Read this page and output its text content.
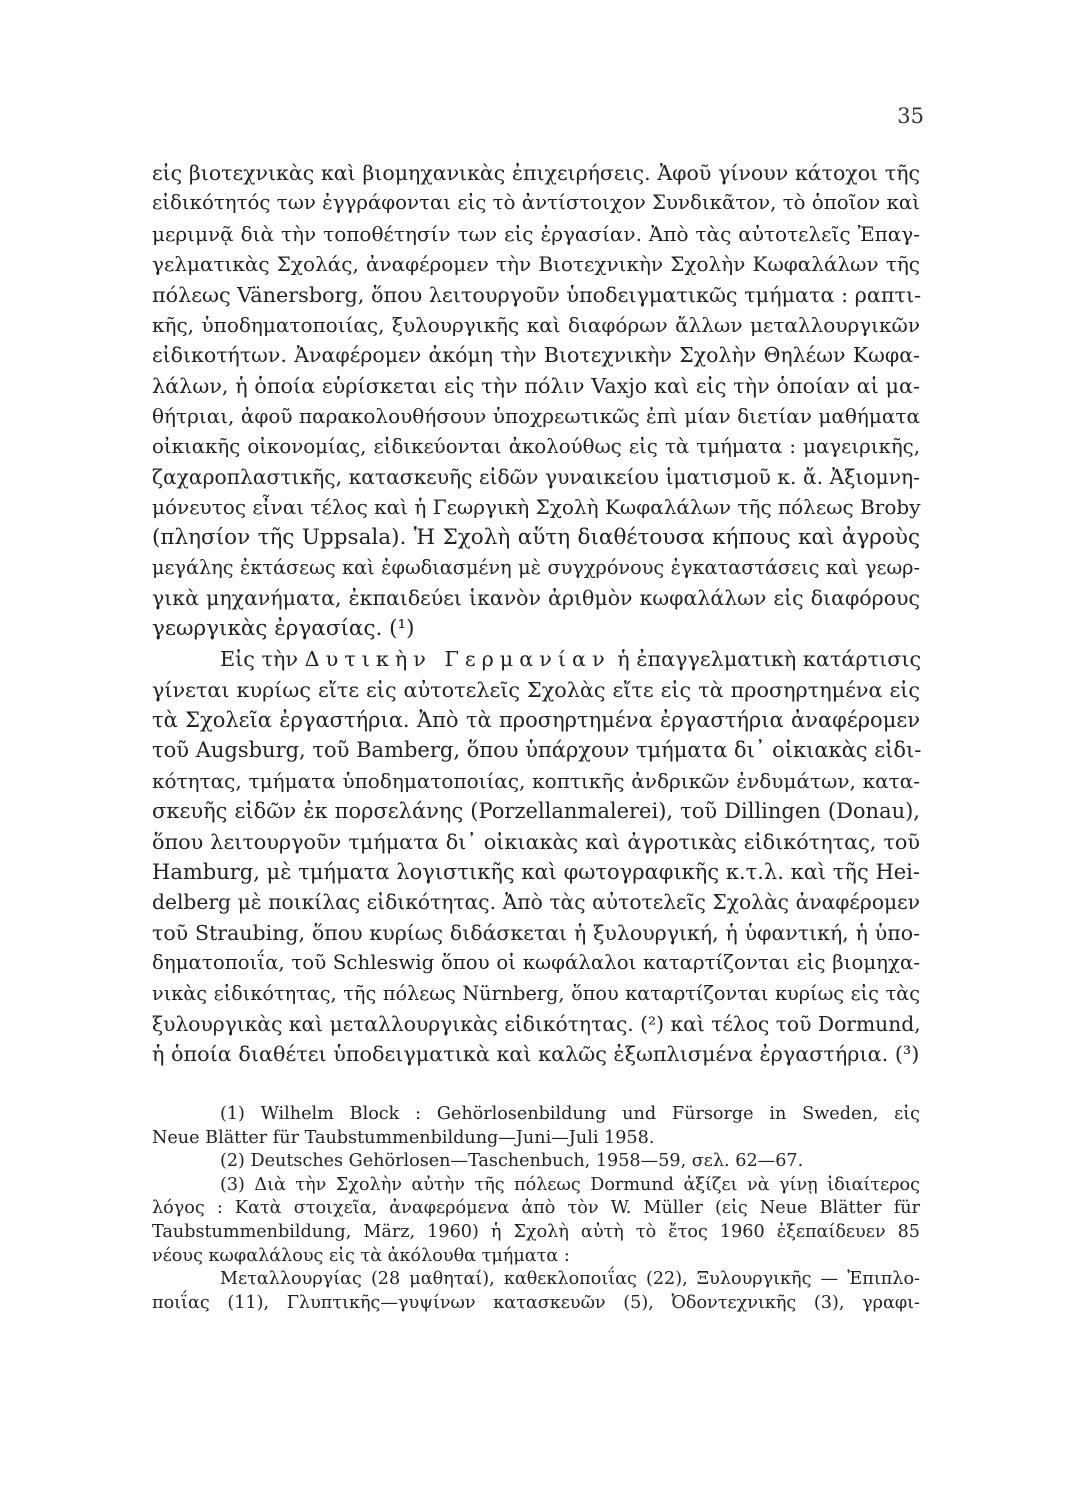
35
εἰς βιοτεχνικὰς καὶ βιομηχανικὰς ἐπιχειρήσεις. Ἀφοῦ γίνουν κάτοχοι τῆς
εἰδικότητός των ἐγγράφονται εἰς τὸ ἀντίστοιχον Συνδικᾶτον, τὸ ὁποῖον καὶ
μεριμνᾷ διὰ τὴν τοποθέτησίν των εἰς ἐργασίαν. Ἀπὸ τὰς αὐτοτελεῖς Ἐπαγ-
γελματικὰς Σχολάς, ἀναφέρομεν τὴν Βιοτεχνικὴν Σχολὴν Κωφαλάλων τῆς
πόλεως Vänersborg, ὅπου λειτουργοῦν ὑποδειγματικῶς τμήματα : ραπτι-
κῆς, ὑποδηματοποιίας, ξυλουργικῆς καὶ διαφόρων ἄλλων μεταλλουργικῶν
εἰδικοτήτων. Ἀναφέρομεν ἀκόμη τὴν Βιοτεχνικὴν Σχολὴν Θηλέων Κωφα-
λάλων, ἡ ὁποία εὑρίσκεται εἰς τὴν πόλιν Vaxjo καὶ εἰς τὴν ὁποίαν αἱ μα-
θήτριαι, ἀφοῦ παρακολουθήσουν ὑποχρεωτικῶς ἐπὶ μίαν διετίαν μαθήματα
οἰκιακῆς οἰκονομίας, εἰδικεύονται ἀκολούθως εἰς τὰ τμήματα : μαγειρικῆς,
ζαχαροπλαστικῆς, κατασκευῆς εἰδῶν γυναικείου ἱματισμοῦ κ. ἄ. Ἀξιομνη-
μόνευτος εἶναι τέλος καὶ ἡ Γεωργικὴ Σχολὴ Κωφαλάλων τῆς πόλεως Broby
(πλησίον τῆς Uppsala). Ἡ Σχολὴ αὕτη διαθέτουσα κήπους καὶ ἀγροὺς
μεγάλης ἐκτάσεως καὶ ἐφωδιασμένη μὲ συγχρόνους ἐγκαταστάσεις καὶ γεωρ-
γικὰ μηχανήματα, ἐκπαιδεύει ἱκανὸν ἀριθμὸν κωφαλάλων εἰς διαφόρους
γεωργικὰς ἐργασίας. (¹)
Εἰς τὴν Δυτικὴν Γερμανίαν ἡ ἐπαγγελματικὴ κατάρτισις
γίνεται κυρίως εἴτε εἰς αὐτοτελεῖς Σχολὰς εἴτε εἰς τὰ προσηρτημένα εἰς
τὰ Σχολεῖα ἐργαστήρια. Ἀπὸ τὰ προσηρτημένα ἐργαστήρια ἀναφέρομεν
τοῦ Augsburg, τοῦ Bamberg, ὅπου ὑπάρχουν τμήματα δι᾿ οἰκιακὰς εἰδι-
κότητας, τμήματα ὑποδηματοποιίας, κοπτικῆς ἀνδρικῶν ἐνδυμάτων, κατα-
σκευῆς εἰδῶν ἐκ πορσελάνης (Porzellanmalerei), τοῦ Dillingen (Donau),
ὅπου λειτουργοῦν τμήματα δι᾿ οἰκιακὰς καὶ ἀγροτικὰς εἰδικότητας, τοῦ
Hamburg, μὲ τμήματα λογιστικῆς καὶ φωτογραφικῆς κ.τ.λ. καὶ τῆς Hei-
delberg μὲ ποικίλας εἰδικότητας. Ἀπὸ τὰς αὐτοτελεῖς Σχολὰς ἀναφέρομεν
τοῦ Straubing, ὅπου κυρίως διδάσκεται ἡ ξυλουργική, ἡ ὑφαντική, ἡ ὑπο-
δηματοποιΐα, τοῦ Schleswig ὅπου οἱ κωφάλαλοι καταρτίζονται εἰς βιομηχα-
νικὰς εἰδικότητας, τῆς πόλεως Nürnberg, ὅπου καταρτίζονται κυρίως εἰς τὰς
ξυλουργικὰς καὶ μεταλλουργικὰς εἰδικότητας. (²) καὶ τέλος τοῦ Dormund,
ἡ ὁποία διαθέτει ὑποδειγματικὰ καὶ καλῶς ἐξωπλισμένα ἐργαστήρια. (³)
(1) Wilhelm Block : Gehörlosenbildung und Fürsorge in Sweden, εἰς
Neue Blätter für Taubstummenbildung—Juni—Juli 1958.
(2) Deutsches Gehörlosen—Taschenbuch, 1958—59, σελ. 62—67.
(3) Διὰ τὴν Σχολὴν αὐτὴν τῆς πόλεως Dormund ἀξίζει νὰ γίνῃ ἰδιαίτερος
λόγος : Κατὰ στοιχεῖα, ἀναφερόμενα ἀπὸ τὸν W. Müller (εἰς Neue Blätter für
Taubstummenbildung, März, 1960) ἡ Σχολὴ αὐτὴ τὸ ἔτος 1960 ἐξεπαίδευεν 85
νέους κωφαλάλους εἰς τὰ ἀκόλουθα τμήματα :
Μεταλλουργίας (28 μαθηταί), καθεκλοποιΐας (22), Ξυλουργικῆς — Ἐπιπλο-
ποιΐας (11), Γλυπτικῆς—γυψίνων κατασκευῶν (5), Ὀδοντεχνικῆς (3), γραφι-
